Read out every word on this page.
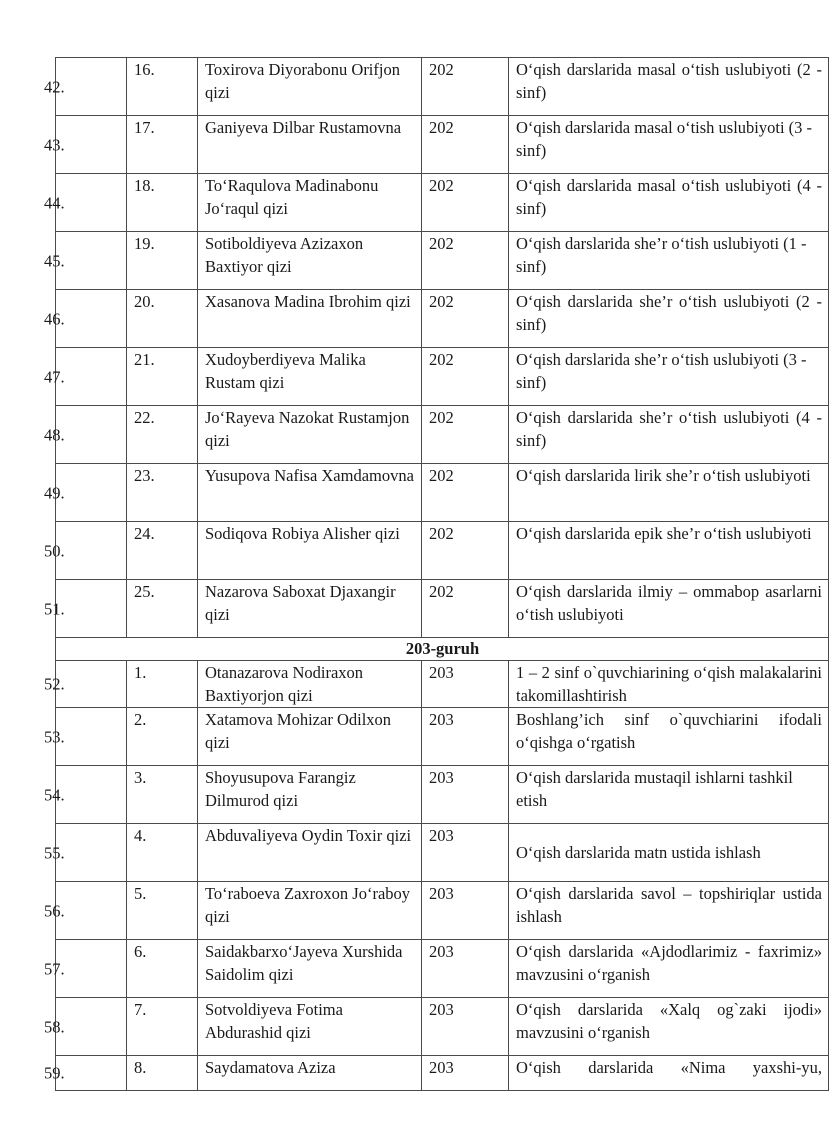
42.	16.	Toxirova Diyorabonu Orifjon qizi	202	O‘qish darslarida masal o‘tish uslubiyoti (2 - sinf)

43.	17.	Ganiyeva Dilbar Rustamovna	202	O‘qish darslarida masal o‘tish uslubiyoti (3 - sinf)

44.	18.	To‘Raqulova Madinabonu Jo‘raqul qizi	202	O‘qish darslarida masal o‘tish uslubiyoti (4 - sinf)

45.	19.	Sotiboldiyeva Azizaxon Baxtiyor qizi	202	O‘qish darslarida she’r o‘tish uslubiyoti (1 - sinf)

46.	20.	Xasanova Madina Ibrohim qizi	202	O‘qish darslarida she’r o‘tish uslubiyoti (2 - sinf)

47.	21.	Xudoyberdiyeva Malika Rustam qizi	202	O‘qish darslarida she’r o‘tish uslubiyoti (3 - sinf)

48.	22.	Jo‘Rayeva Nazokat Rustamjon qizi	202	O‘qish darslarida she’r o‘tish uslubiyoti (4 - sinf)

49.	23.	Yusupova Nafisa Xamdamovna	202	O‘qish darslarida lirik she’r o‘tish uslubiyoti

50.	24.	Sodiqova Robiya Alisher qizi	202	O‘qish darslarida epik she’r o‘tish uslubiyoti

51.	25.	Nazarova Saboxat Djaxangir qizi	202	O‘qish darslarida ilmiy – ommabop asarlarni o‘tish uslubiyoti
203-guruh				

52.	1.	Otanazarova Nodiraxon Baxtiyorjon qizi	203	1 – 2 sinf o`quvchiarining o‘qish malakalarini takomillashtirish

53.	2.	Xatamova Mohizar Odilxon qizi	203	Boshlang’ich sinf o`quvchiarini ifodali o‘qishga o‘rgatish

54.	3.	Shoyusupova Farangiz Dilmurod qizi	203	O‘qish darslarida mustaqil ishlarni tashkil etish

55.	4.	Abduvaliyeva Oydin Toxir qizi	203	O‘qish darslarida matn ustida ishlash

56.	5.	To‘raboeva Zaxroxon Jo‘raboy qizi	203	O‘qish darslarida savol – topshiriqlar ustida ishlash

57.	6.	Saidakbarxo‘Jayeva Xurshida Saidolim qizi	203	O‘qish darslarida «Ajdodlarimiz - faxrimiz» mavzusini o‘rganish

58.	7.	Sotvoldiyeva Fotima Abdurashid qizi	203	O‘qish darslarida «Xalq og`zaki ijodi» mavzusini o‘rganish

59.	8.	Saydamatova Aziza	203	O‘qish darslarida «Nima yaxshi-yu,
